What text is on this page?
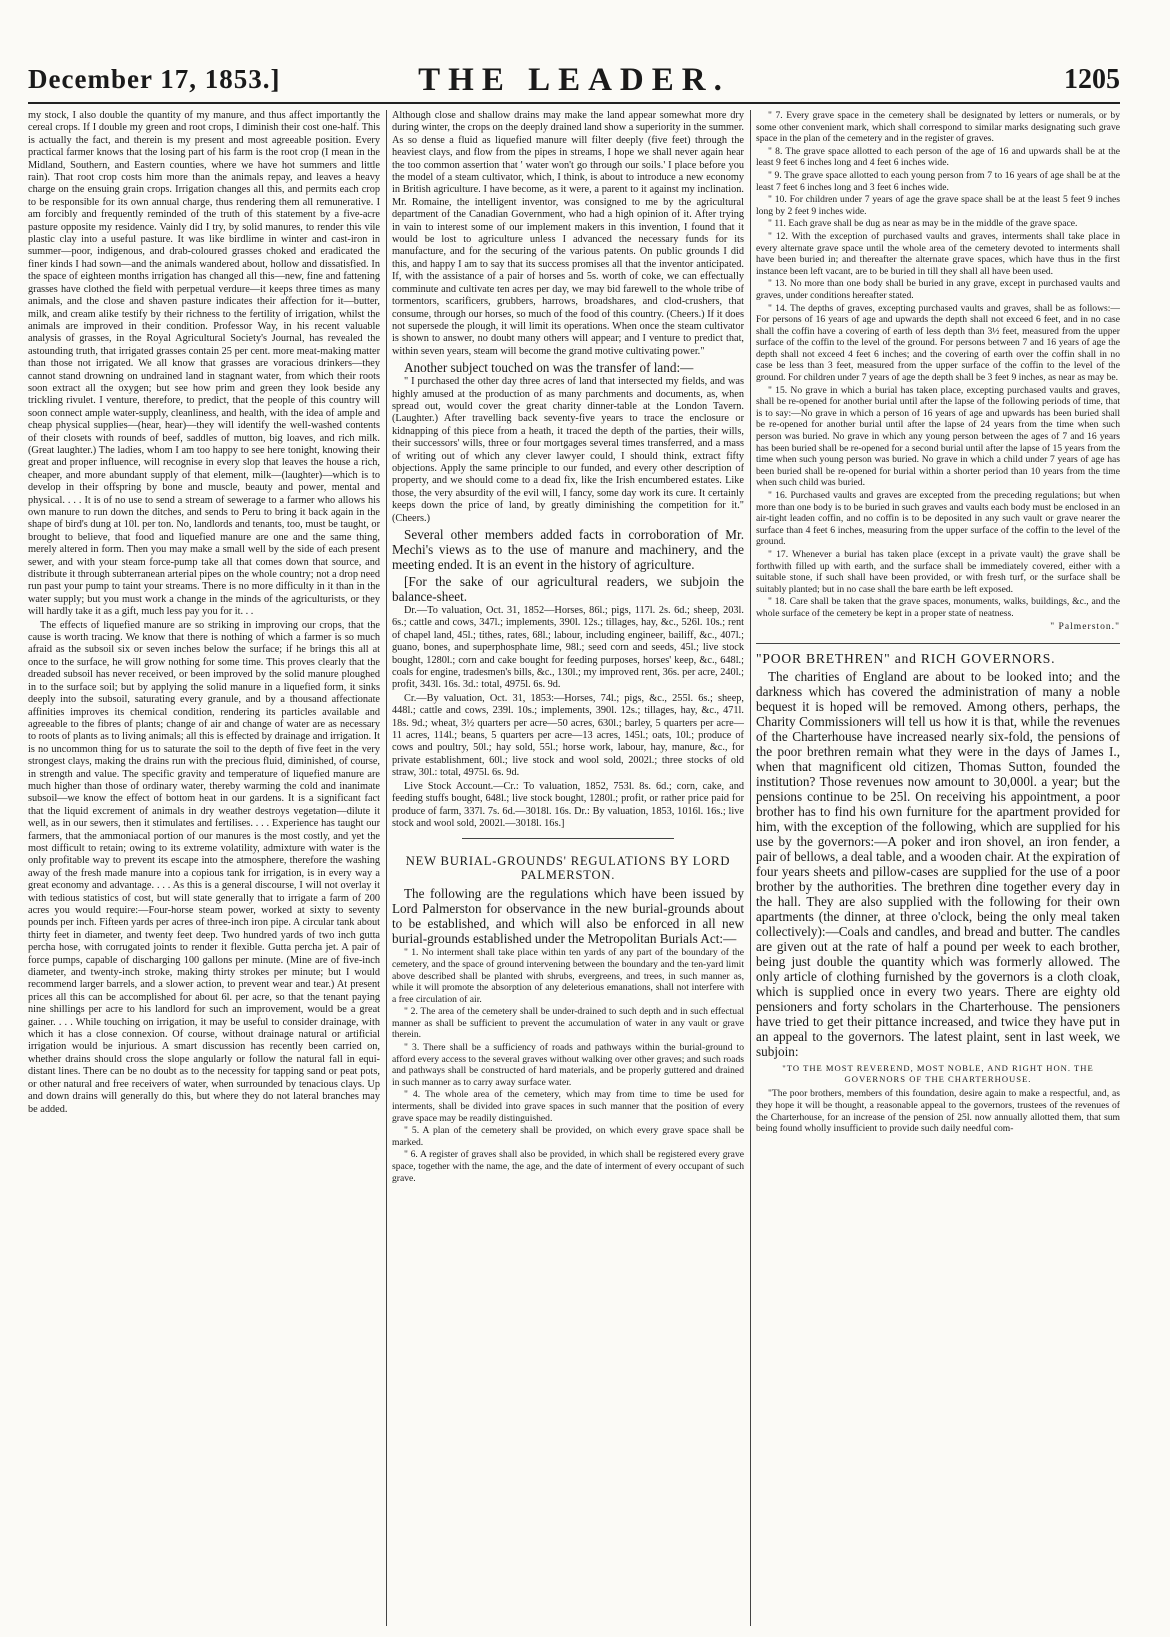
December 17, 1853.]	THE LEADER.	1205

my stock, I also double the quantity of my manure, and thus affect importantly the cereal crops. If I double my green and root crops, I diminish their cost one-half. This is actually the fact, and therein is my present and most agreeable position. Every practical farmer knows that the losing part of his farm is the root crop (I mean in the Midland, Southern, and Eastern counties, where we have hot summers and little rain). That root crop costs him more than the animals repay, and leaves a heavy charge on the ensuing grain crops. Irrigation changes all this, and permits each crop to be responsible for its own annual charge, thus rendering them all remunerative. I am forcibly and frequently reminded of the truth of this statement by a five-acre pasture opposite my residence. Vainly did I try, by solid manures, to render this vile plastic clay into a useful pasture. It was like birdlime in winter and cast-iron in summer—poor, indigenous, and drab-coloured grasses choked and eradicated the finer kinds I had sown—and the animals wandered about, hollow and dissatisfied. In the space of eighteen months irrigation has changed all this—new, fine and fattening grasses have clothed the field with perpetual verdure—it keeps three times as many animals, and the close and shaven pasture indicates their affection for it—butter, milk, and cream alike testify by their richness to the fertility of irrigation, whilst the animals are improved in their condition. Professor Way, in his recent valuable analysis of grasses, in the Royal Agricultural Society's Journal, has revealed the astounding truth, that irrigated grasses contain 25 per cent. more meat-making matter than those not irrigated. We all know that grasses are voracious drinkers—they cannot stand drowning on undrained land in stagnant water, from which their roots soon extract all the oxygen; but see how prim and green they look beside any trickling rivulet. I venture, therefore, to predict, that the people of this country will soon connect ample water-supply, cleanliness, and health, with the idea of ample and cheap physical supplies—(hear, hear)—they will identify the well-washed contents of their closets with rounds of beef, saddles of mutton, big loaves, and rich milk. (Great laughter.) The ladies, whom I am too happy to see here tonight, knowing their great and proper influence, will recognise in every slop that leaves the house a rich, cheaper, and more abundant supply of that element, milk—(laughter)—which is to develop in their offspring by bone and muscle, beauty and power, mental and physical. . . . It is of no use to send a stream of sewerage to a farmer who allows his own manure to run down the ditches, and sends to Peru to bring it back again in the shape of bird's dung at 10l. per ton. No, landlords and tenants, too, must be taught, or brought to believe, that food and liquefied manure are one and the same thing, merely altered in form. Then you may make a small well by the side of each present sewer, and with your steam force-pump take all that comes down that source, and distribute it through subterranean arterial pipes on the whole country; not a drop need run past your pump to taint your streams. There is no more difficulty in it than in the water supply; but you must work a change in the minds of the agriculturists, or they will hardly take it as a gift, much less pay you for it. . .

The effects of liquefied manure are so striking in improving our crops, that the cause is worth tracing. We know that there is nothing of which a farmer is so much afraid as the subsoil six or seven inches below the surface; if he brings this all at once to the surface, he will grow nothing for some time. This proves clearly that the dreaded subsoil has never received, or been improved by the solid manure ploughed in to the surface soil; but by applying the solid manure in a liquefied form, it sinks deeply into the subsoil, saturating every granule, and by a thousand affectionate affinities improves its chemical condition, rendering its particles available and agreeable to the fibres of plants; change of air and change of water are as necessary to roots of plants as to living animals; all this is effected by drainage and irrigation. It is no uncommon thing for us to saturate the soil to the depth of five feet in the very strongest clays, making the drains run with the precious fluid, diminished, of course, in strength and value. The specific gravity and temperature of liquefied manure are much higher than those of ordinary water, thereby warming the cold and inanimate subsoil—we know the effect of bottom heat in our gardens. It is a significant fact that the liquid excrement of animals in dry weather destroys vegetation—dilute it well, as in our sewers, then it stimulates and fertilises. . . . Experience has taught our farmers, that the ammoniacal portion of our manures is the most costly, and yet the most difficult to retain; owing to its extreme volatility, admixture with water is the only profitable way to prevent its escape into the atmosphere, therefore the washing away of the fresh made manure into a copious tank for irrigation, is in every way a great economy and advantage. . . . As this is a general discourse, I will not overlay it with tedious statistics of cost, but will state generally that to irrigate a farm of 200 acres you would require:—Four-horse steam power, worked at sixty to seventy pounds per inch. Fifteen yards per acres of three-inch iron pipe. A circular tank about thirty feet in diameter, and twenty feet deep. Two hundred yards of two inch gutta percha hose, with corrugated joints to render it flexible. Gutta percha jet. A pair of force pumps, capable of discharging 100 gallons per minute. (Mine are of five-inch diameter, and twenty-inch stroke, making thirty strokes per minute; but I would recommend larger barrels, and a slower action, to prevent wear and tear.) At present prices all this can be accomplished for about 6l. per acre, so that the tenant paying nine shillings per acre to his landlord for such an improvement, would be a great gainer. . . . While touching on irrigation, it may be useful to consider drainage, with which it has a close connexion. Of course, without drainage natural or artificial irrigation would be injurious. A smart discussion has recently been carried on, whether drains should cross the slope angularly or follow the natural fall in equi-distant lines. There can be no doubt as to the necessity for tapping sand or peat pots, or other natural and free receivers of water, when surrounded by tenacious clays. Up and down drains will generally do this, but where they do not lateral branches may be added.

Although close and shallow drains may make the land appear somewhat more dry during winter, the crops on the deeply drained land show a superiority in the summer. As so dense a fluid as liquefied manure will filter deeply (five feet) through the heaviest clays, and flow from the pipes in streams, I hope we shall never again hear the too common assertion that ' water won't go through our soils.' I place before you the model of a steam cultivator, which, I think, is about to introduce a new economy in British agriculture. I have become, as it were, a parent to it against my inclination. Mr. Romaine, the intelligent inventor, was consigned to me by the agricultural department of the Canadian Government, who had a high opinion of it. After trying in vain to interest some of our implement makers in this invention, I found that it would be lost to agriculture unless I advanced the necessary funds for its manufacture, and for the securing of the various patents. On public grounds I did this, and happy I am to say that its success promises all that the inventor anticipated. If, with the assistance of a pair of horses and 5s. worth of coke, we can effectually comminute and cultivate ten acres per day, we may bid farewell to the whole tribe of tormentors, scarificers, grubbers, harrows, broadshares, and clod-crushers, that consume, through our horses, so much of the food of this country. (Cheers.) If it does not supersede the plough, it will limit its operations. When once the steam cultivator is shown to answer, no doubt many others will appear; and I venture to predict that, within seven years, steam will become the grand motive cultivating power."

Another subject touched on was the transfer of land:—

" I purchased the other day three acres of land that intersected my fields, and was highly amused at the production of as many parchments and documents, as, when spread out, would cover the great charity dinner-table at the London Tavern. (Laughter.) After travelling back seventy-five years to trace the enclosure or kidnapping of this piece from a heath, it traced the depth of the parties, their wills, their successors' wills, three or four mortgages several times transferred, and a mass of writing out of which any clever lawyer could, I should think, extract fifty objections. Apply the same principle to our funded, and every other description of property, and we should come to a dead fix, like the Irish encumbered estates. Like those, the very absurdity of the evil will, I fancy, some day work its cure. It certainly keeps down the price of land, by greatly diminishing the competition for it." (Cheers.)

Several other members added facts in corroboration of Mr. Mechi's views as to the use of manure and machinery, and the meeting ended. It is an event in the history of agriculture.

[For the sake of our agricultural readers, we subjoin the balance-sheet.

Dr.—To valuation, Oct. 31, 1852—Horses, 86l.; pigs, 117l. 2s. 6d.; sheep, 203l. 6s.; cattle and cows, 347l.; implements, 390l. 12s.; tillages, hay, &c., 526l. 10s.; rent of chapel land, 45l.; tithes, rates, 68l.; labour, including engineer, bailiff, &c., 407l.; guano, bones, and superphosphate lime, 98l.; seed corn and seeds, 45l.; live stock bought, 1280l.; corn and cake bought for feeding purposes, horses' keep, &c., 648l.; coals for engine, tradesmen's bills, &c., 130l.; my improved rent, 36s. per acre, 240l.; profit, 343l. 16s. 3d.: total, 4975l. 6s. 9d.

Cr.—By valuation, Oct. 31, 1853:—Horses, 74l.; pigs, &c., 255l. 6s.; sheep, 448l.; cattle and cows, 239l. 10s.; implements, 390l. 12s.; tillages, hay, &c., 471l. 18s. 9d.; wheat, 3½ quarters per acre—50 acres, 630l.; barley, 5 quarters per acre—11 acres, 114l.; beans, 5 quarters per acre—13 acres, 145l.; oats, 10l.; produce of cows and poultry, 50l.; hay sold, 55l.; horse work, labour, hay, manure, &c., for private establishment, 60l.; live stock and wool sold, 2002l.; three stocks of old straw, 30l.: total, 4975l. 6s. 9d.

Live Stock Account.—Cr.: To valuation, 1852, 753l. 8s. 6d.; corn, cake, and feeding stuffs bought, 648l.; live stock bought, 1280l.; profit, or rather price paid for produce of farm, 337l. 7s. 6d.—3018l. 16s. Dr.: By valuation, 1853, 1016l. 16s.; live stock and wool sold, 2002l.—3018l. 16s.]

NEW BURIAL-GROUNDS' REGULATIONS BY LORD PALMERSTON.

The following are the regulations which have been issued by Lord Palmerston for observance in the new burial-grounds about to be established, and which will also be enforced in all new burial-grounds established under the Metropolitan Burials Act:—

" 1. No interment shall take place within ten yards of any part of the boundary of the cemetery, and the space of ground intervening between the boundary and the ten-yard limit above described shall be planted with shrubs, evergreens, and trees, in such manner as, while it will promote the absorption of any deleterious emanations, shall not interfere with a free circulation of air.

" 2. The area of the cemetery shall be under-drained to such depth and in such effectual manner as shall be sufficient to prevent the accumulation of water in any vault or grave therein.

" 3. There shall be a sufficiency of roads and pathways within the burial-ground to afford every access to the several graves without walking over other graves; and such roads and pathways shall be constructed of hard materials, and be properly guttered and drained in such manner as to carry away surface water.

" 4. The whole area of the cemetery, which may from time to time be used for interments, shall be divided into grave spaces in such manner that the position of every grave space may be readily distinguished.

" 5. A plan of the cemetery shall be provided, on which every grave space shall be marked.

" 6. A register of graves shall also be provided, in which shall be registered every grave space, together with the name, the age, and the date of interment of every occupant of such grave.

" 7. Every grave space in the cemetery shall be designated by letters or numerals, or by some other convenient mark, which shall correspond to similar marks designating such grave space in the plan of the cemetery and in the register of graves.

" 8. The grave space allotted to each person of the age of 16 and upwards shall be at the least 9 feet 6 inches long and 4 feet 6 inches wide.

" 9. The grave space allotted to each young person from 7 to 16 years of age shall be at the least 7 feet 6 inches long and 3 feet 6 inches wide.

" 10. For children under 7 years of age the grave space shall be at the least 5 feet 9 inches long by 2 feet 9 inches wide.

" 11. Each grave shall be dug as near as may be in the middle of the grave space.

" 12. With the exception of purchased vaults and graves, interments shall take place in every alternate grave space until the whole area of the cemetery devoted to interments shall have been buried in; and thereafter the alternate grave spaces, which have thus in the first instance been left vacant, are to be buried in till they shall all have been used.

" 13. No more than one body shall be buried in any grave, except in purchased vaults and graves, under conditions hereafter stated.

" 14. The depths of graves, excepting purchased vaults and graves, shall be as follows:—For persons of 16 years of age and upwards the depth shall not exceed 6 feet, and in no case shall the coffin have a covering of earth of less depth than 3½ feet, measured from the upper surface of the coffin to the level of the ground. For persons between 7 and 16 years of age the depth shall not exceed 4 feet 6 inches; and the covering of earth over the coffin shall in no case be less than 3 feet, measured from the upper surface of the coffin to the level of the ground. For children under 7 years of age the depth shall be 3 feet 9 inches, as near as may be.

" 15. No grave in which a burial has taken place, excepting purchased vaults and graves, shall be re-opened for another burial until after the lapse of the following periods of time, that is to say:—No grave in which a person of 16 years of age and upwards has been buried shall be re-opened for another burial until after the lapse of 24 years from the time when such person was buried. No grave in which any young person between the ages of 7 and 16 years has been buried shall be re-opened for a second burial until after the lapse of 15 years from the time when such young person was buried. No grave in which a child under 7 years of age has been buried shall be re-opened for burial within a shorter period than 10 years from the time when such child was buried.

" 16. Purchased vaults and graves are excepted from the preceding regulations; but when more than one body is to be buried in such graves and vaults each body must be enclosed in an air-tight leaden coffin, and no coffin is to be deposited in any such vault or grave nearer the surface than 4 feet 6 inches, measuring from the upper surface of the coffin to the level of the ground.

" 17. Whenever a burial has taken place (except in a private vault) the grave shall be forthwith filled up with earth, and the surface shall be immediately covered, either with a suitable stone, if such shall have been provided, or with fresh turf, or the surface shall be suitably planted; but in no case shall the bare earth be left exposed.

" 18. Care shall be taken that the grave spaces, monuments, walks, buildings, &c., and the whole surface of the cemetery be kept in a proper state of neatness.

" Palmerston."

"POOR BRETHREN" and RICH GOVERNORS.

The charities of England are about to be looked into; and the darkness which has covered the administration of many a noble bequest it is hoped will be removed. Among others, perhaps, the Charity Commissioners will tell us how it is that, while the revenues of the Charterhouse have increased nearly six-fold, the pensions of the poor brethren remain what they were in the days of James I., when that magnificent old citizen, Thomas Sutton, founded the institution? Those revenues now amount to 30,000l. a year; but the pensions continue to be 25l. On receiving his appointment, a poor brother has to find his own furniture for the apartment provided for him, with the exception of the following, which are supplied for his use by the governors:—A poker and iron shovel, an iron fender, a pair of bellows, a deal table, and a wooden chair. At the expiration of four years sheets and pillow-cases are supplied for the use of a poor brother by the authorities. The brethren dine together every day in the hall. They are also supplied with the following for their own apartments (the dinner, at three o'clock, being the only meal taken collectively):—Coals and candles, and bread and butter. The candles are given out at the rate of half a pound per week to each brother, being just double the quantity which was formerly allowed. The only article of clothing furnished by the governors is a cloth cloak, which is supplied once in every two years. There are eighty old pensioners and forty scholars in the Charterhouse. The pensioners have tried to get their pittance increased, and twice they have put in an appeal to the governors. The latest plaint, sent in last week, we subjoin:

"TO THE MOST REVEREND, MOST NOBLE, AND RIGHT HON. THE GOVERNORS OF THE CHARTERHOUSE.

"The poor brothers, members of this foundation, desire again to make a respectful, and, as they hope it will be thought, a reasonable appeal to the governors, trustees of the revenues of the Charterhouse, for an increase of the pension of 25l. now annually allotted them, that sum being found wholly insufficient to provide such daily needful com-
